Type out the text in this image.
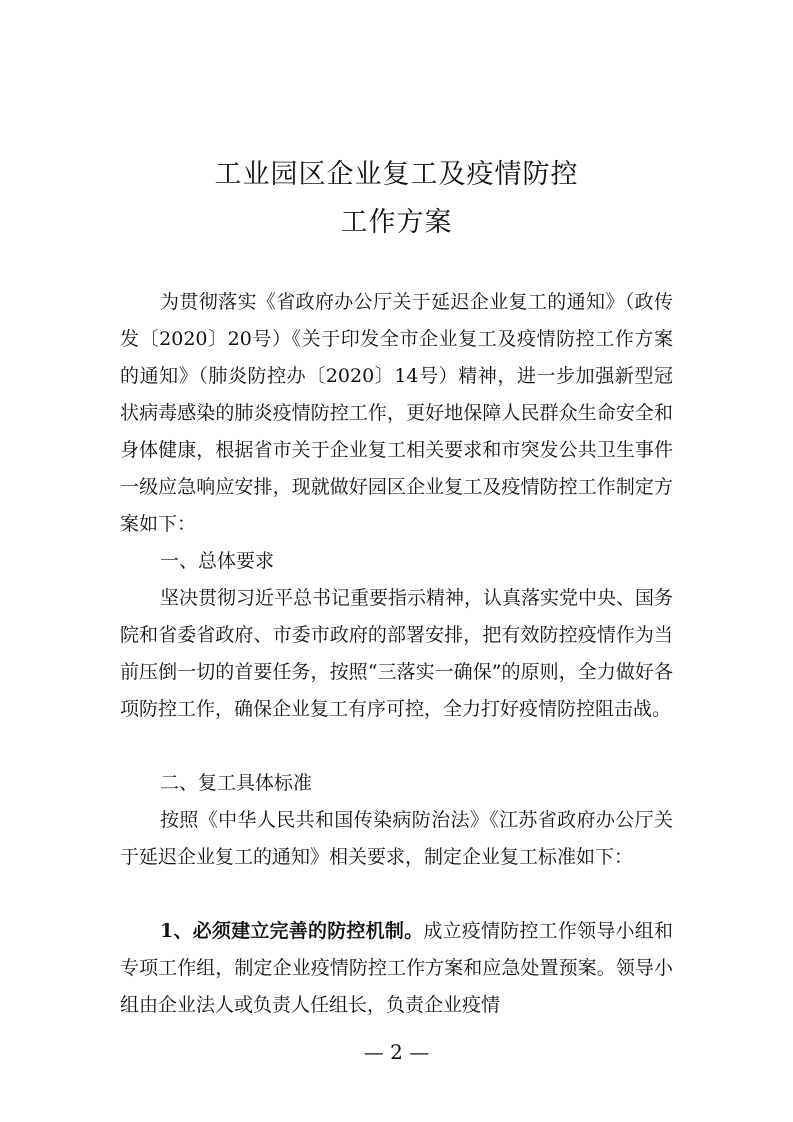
工业园区企业复工及疫情防控
工作方案

为贯彻落实《省政府办公厅关于延迟企业复工的通知》（政传发〔2020〕20号）《关于印发全市企业复工及疫情防控工作方案的通知》（肺炎防控办〔2020〕14号）精神，进一步加强新型冠状病毒感染的肺炎疫情防控工作，更好地保障人民群众生命安全和身体健康，根据省市关于企业复工相关要求和市突发公共卫生事件一级应急响应安排，现就做好园区企业复工及疫情防控工作制定方案如下：

一、总体要求

坚决贯彻习近平总书记重要指示精神，认真落实党中央、国务院和省委省政府、市委市政府的部署安排，把有效防控疫情作为当前压倒一切的首要任务，按照“三落实一确保”的原则，全力做好各项防控工作，确保企业复工有序可控，全力打好疫情防控阻击战。

二、复工具体标准

按照《中华人民共和国传染病防治法》《江苏省政府办公厅关于延迟企业复工的通知》相关要求，制定企业复工标准如下：

1、必须建立完善的防控机制。成立疫情防控工作领导小组和专项工作组，制定企业疫情防控工作方案和应急处置预案。领导小组由企业法人或负责人任组长，负责企业疫情

— 2 —
